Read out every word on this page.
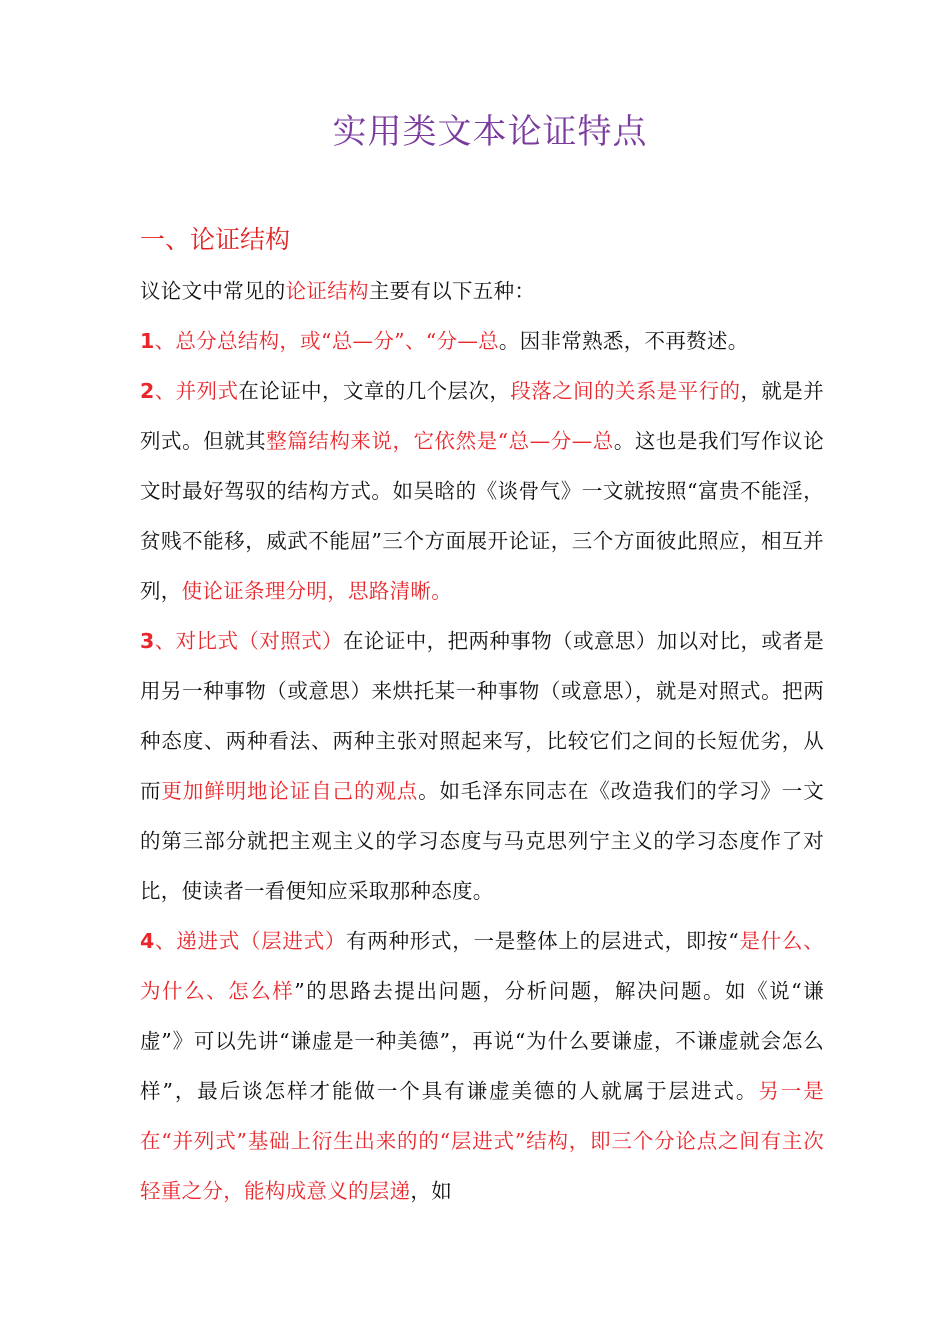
实用类文本论证特点
一、论证结构

议论文中常见的论证结构主要有以下五种：

1、总分总结构，或“总—分”、“分—总。因非常熟悉，不再赘述。

2、并列式在论证中，文章的几个层次，段落之间的关系是平行的，就是并列式。但就其整篇结构来说，它依然是“总—分—总。这也是我们写作议论文时最好驾驭的结构方式。如吴晗的《谈骨气》一文就按照“富贵不能淫，贫贱不能移，威武不能屈”三个方面展开论证，三个方面彼此照应，相互并列，使论证条理分明，思路清晰。

3、对比式（对照式）在论证中，把两种事物（或意思）加以对比，或者是用另一种事物（或意思）来烘托某一种事物（或意思），就是对照式。把两种态度、两种看法、两种主张对照起来写，比较它们之间的长短优劣，从而更加鲜明地论证自己的观点。如毛泽东同志在《改造我们的学习》一文的第三部分就把主观主义的学习态度与马克思列宁主义的学习态度作了对比，使读者一看便知应采取那种态度。

4、递进式（层进式）有两种形式，一是整体上的层进式，即按“是什么、为什么、怎么样”的思路去提出问题，分析问题，解决问题。如《说“谦虚”》可以先讲“谦虚是一种美德”，再说“为什么要谦虚，不谦虚就会怎么样”，最后谈怎样才能做一个具有谦虚美德的人就属于层进式。另一是在“并列式”基础上衍生出来的的“层进式”结构，即三个分论点之间有主次轻重之分，能构成意义的层递，如
